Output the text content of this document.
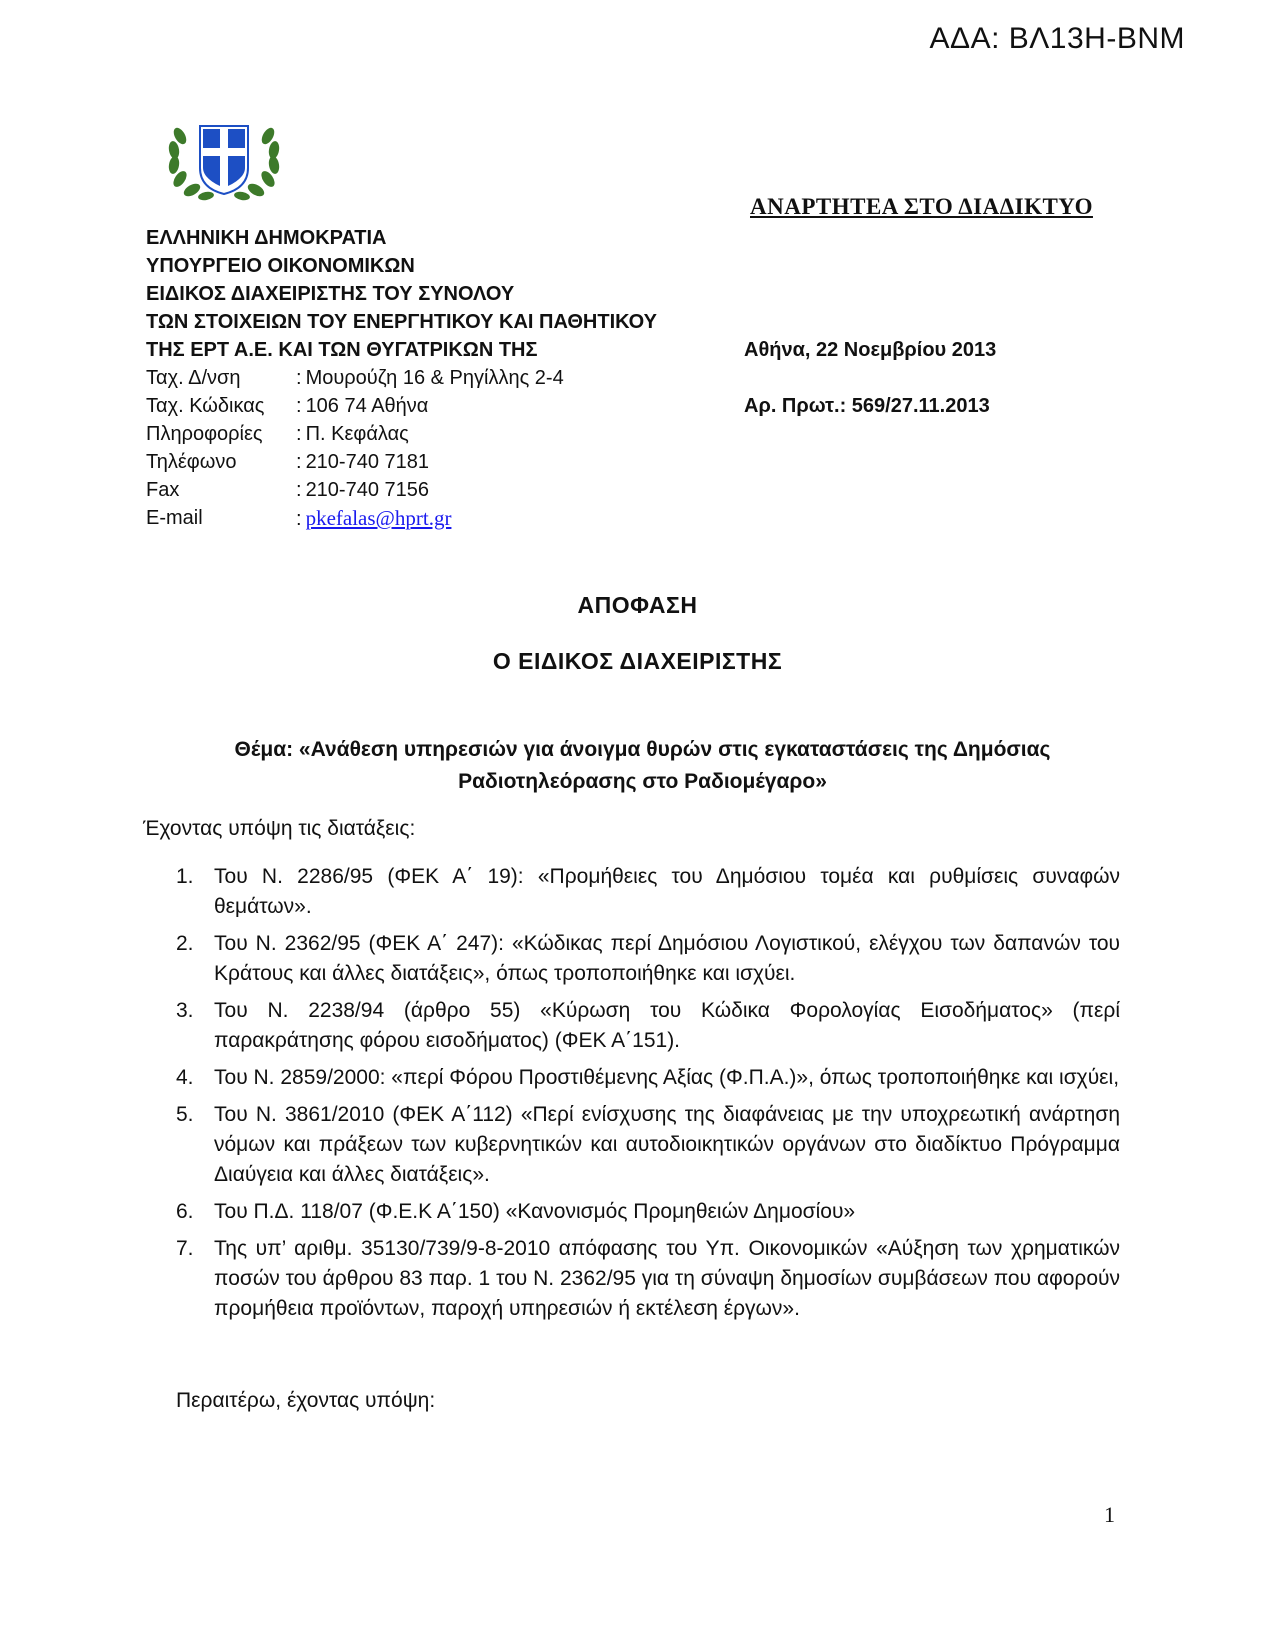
ΑΔΑ: ΒΛ13Η-ΒΝΜ
ΑΝΑΡΤΗΤΕΑ ΣΤΟ ΔΙΑΔΙΚΤΥΟ
ΕΛΛΗΝΙΚΗ ΔΗΜΟΚΡΑΤΙΑ
ΥΠΟΥΡΓΕΙΟ ΟΙΚΟΝΟΜΙΚΩΝ
ΕΙΔΙΚΟΣ ΔΙΑΧΕΙΡΙΣΤΗΣ ΤΟΥ ΣΥΝΟΛΟΥ
ΤΩΝ ΣΤΟΙΧΕΙΩΝ ΤΟΥ ΕΝΕΡΓΗΤΙΚΟΥ ΚΑΙ ΠΑΘΗΤΙΚΟΥ
ΤΗΣ ΕΡΤ Α.Ε. ΚΑΙ ΤΩΝ ΘΥΓΑΤΡΙΚΩΝ ΤΗΣ
Ταχ. Δ/νση	: Μουρούζη 16 & Ρηγίλλης 2-4
Ταχ. Κώδικας	: 106 74 Αθήνα
Πληροφορίες	: Π. Κεφάλας
Τηλέφωνο	: 210-740 7181
Fax	: 210-740 7156
E-mail	: pkefalas@hprt.gr
Αθήνα, 22 Νοεμβρίου 2013
Αρ. Πρωτ.: 569/27.11.2013
ΑΠΟΦΑΣΗ
Ο ΕΙΔΙΚΟΣ ΔΙΑΧΕΙΡΙΣΤΗΣ
Θέμα: «Ανάθεση υπηρεσιών για άνοιγμα θυρών στις εγκαταστάσεις της Δημόσιας
Ραδιοτηλεόρασης στο Ραδιομέγαρο»
Έχοντας υπόψη τις διατάξεις:
1. Του Ν. 2286/95 (ΦΕΚ Α΄ 19): «Προμήθειες του Δημόσιου τομέα και ρυθμίσεις συναφών θεμάτων».
2. Του Ν. 2362/95 (ΦΕΚ Α΄ 247): «Κώδικας περί Δημόσιου Λογιστικού, ελέγχου των δαπανών του Κράτους και άλλες διατάξεις», όπως τροποποιήθηκε και ισχύει.
3. Του Ν. 2238/94 (άρθρο 55) «Κύρωση του Κώδικα Φορολογίας Εισοδήματος» (περί παρακράτησης φόρου εισοδήματος) (ΦΕΚ Α΄151).
4. Του Ν. 2859/2000: «περί Φόρου Προστιθέμενης Αξίας (Φ.Π.Α.)», όπως τροποποιήθηκε και ισχύει,
5. Του Ν. 3861/2010 (ΦΕΚ Α΄112) «Περί ενίσχυσης της διαφάνειας με την υποχρεωτική ανάρτηση νόμων και πράξεων των κυβερνητικών και αυτοδιοικητικών οργάνων στο διαδίκτυο Πρόγραμμα Διαύγεια και άλλες διατάξεις».
6. Του Π.Δ. 118/07 (Φ.Ε.Κ Α΄150) «Κανονισμός Προμηθειών Δημοσίου»
7. Της υπ’ αριθμ. 35130/739/9-8-2010 απόφασης του Υπ. Οικονομικών «Αύξηση των χρηματικών ποσών του άρθρου 83 παρ. 1 του Ν. 2362/95 για τη σύναψη δημοσίων συμβάσεων που αφορούν προμήθεια προϊόντων, παροχή υπηρεσιών ή εκτέλεση έργων».
Περαιτέρω, έχοντας υπόψη:
1
